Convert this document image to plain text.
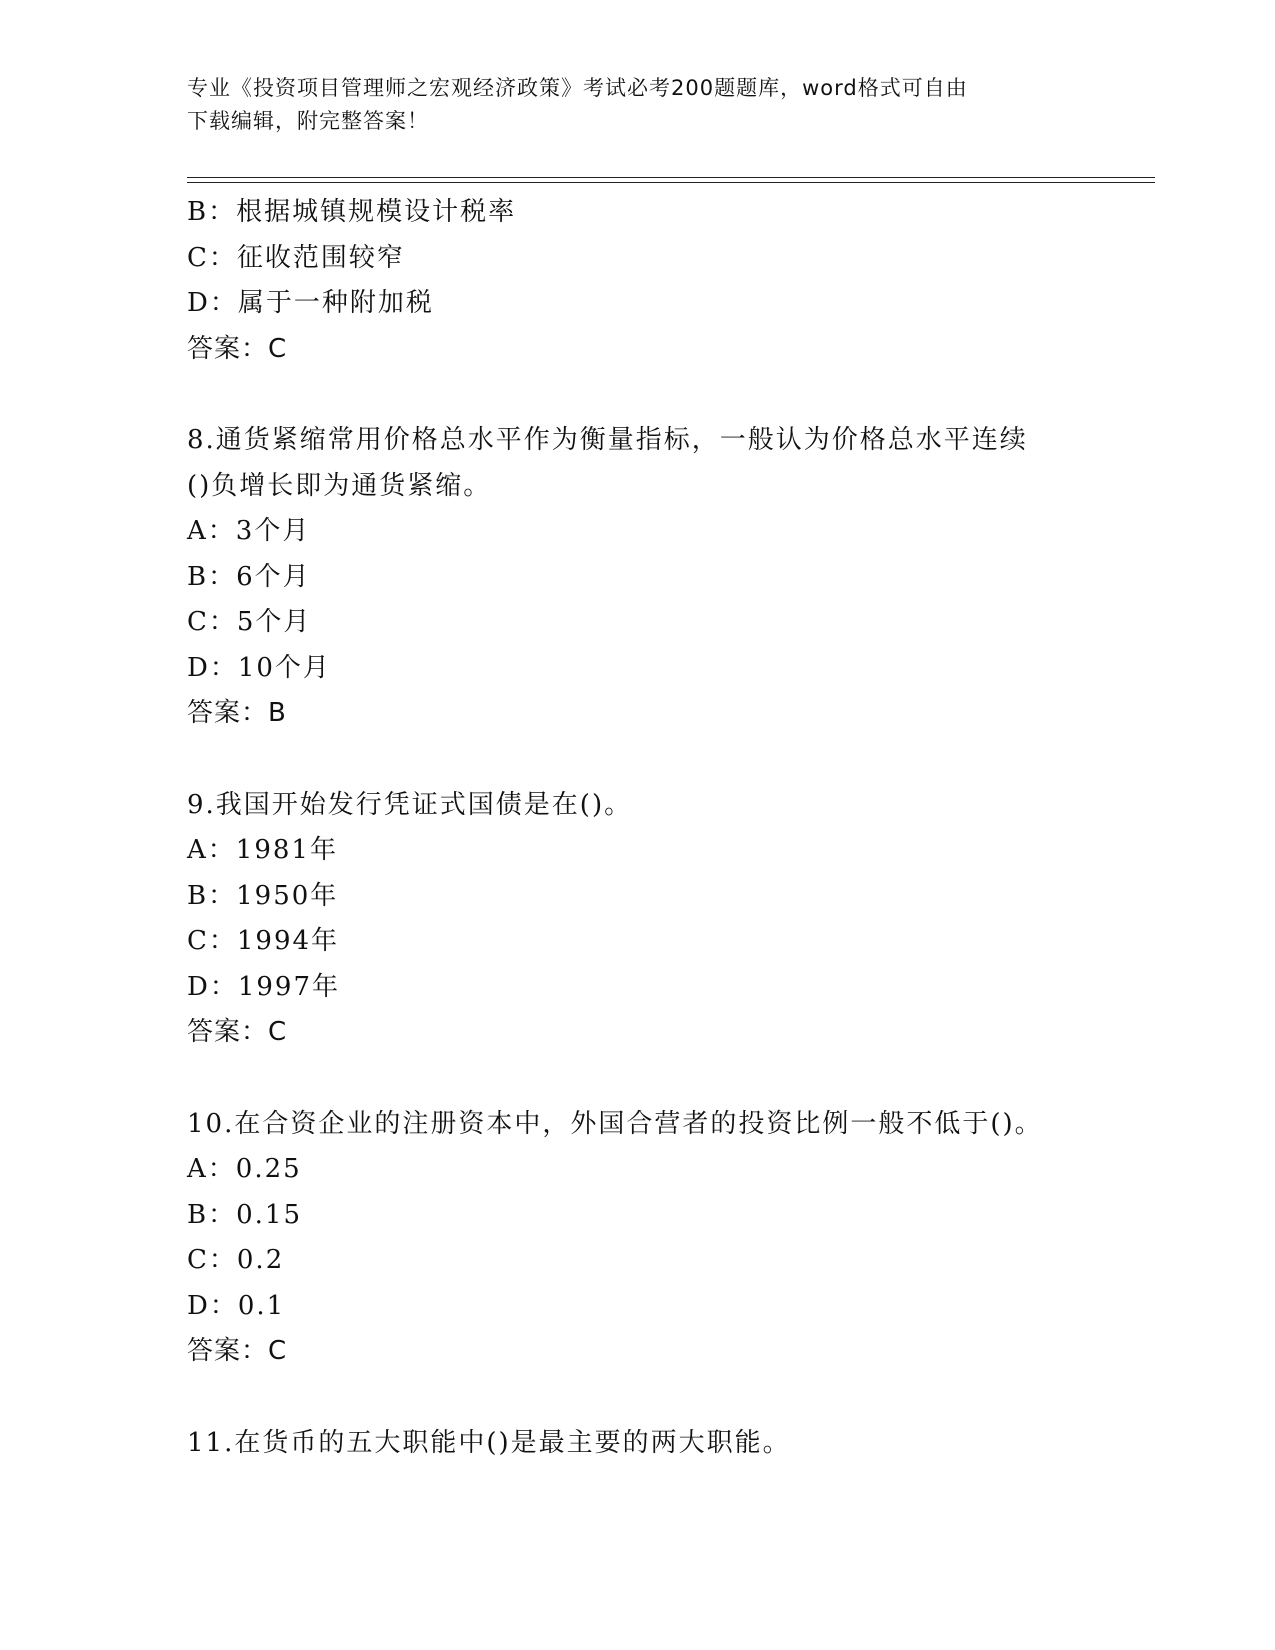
专业《投资项目管理师之宏观经济政策》考试必考200题题库，word格式可自由
下载编辑，附完整答案！
B：根据城镇规模设计税率
C：征收范围较窄
D：属于一种附加税
答案：C
8.通货紧缩常用价格总水平作为衡量指标，一般认为价格总水平连续
()负增长即为通货紧缩。
A：3个月
B：6个月
C：5个月
D：10个月
答案：B
9.我国开始发行凭证式国债是在()。
A：1981年
B：1950年
C：1994年
D：1997年
答案：C
10.在合资企业的注册资本中，外国合营者的投资比例一般不低于()。
A：0.25
B：0.15
C：0.2
D：0.1
答案：C
11.在货币的五大职能中()是最主要的两大职能。
